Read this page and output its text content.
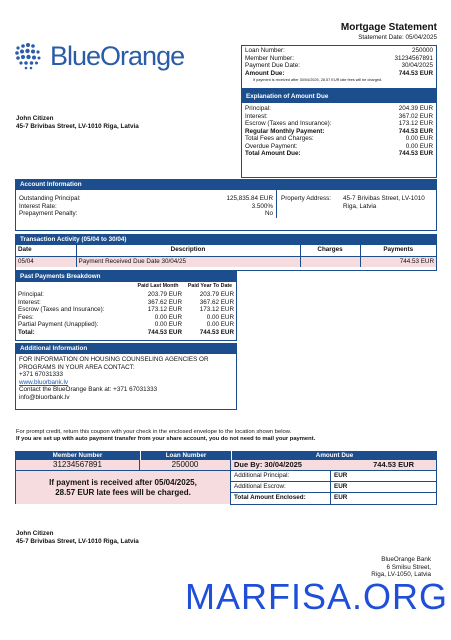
BlueOrange
Mortgage Statement
Statement Date: 05/04/2025
Loan Number:	250000
Member Number:	31234567891
Payment Due Date:	30/04/2025
Amount Due:	744.53 EUR
If payment is received after 30/04/2025, 28.57 EUR late fees will be charged.
Explanation of Amount Due
Principal:	204.39 EUR
Interest:	367.02 EUR
Escrow (Taxes and Insurance):	173.12 EUR
Regular Monthly Payment:	744.53 EUR
Total Fees and Charges:	0.00 EUR
Overdue Payment:	0.00 EUR
Total Amount Due:	744.53 EUR
John Citizen
45-7 Brivibas Street, LV-1010 Riga, Latvia
Account Information
Outstanding Principal:	125,835.84 EUR
Interest Rate:	3.500%
Prepayment Penalty:	No
Property Address:	45-7 Brivibas Street, LV-1010 Riga, Latvia
Transaction Activity (05/04 to 30/04)
Date	Description	Charges	Payments
05/04	Payment Received Due Date 30/04/25		744.53 EUR
Past Payments Breakdown
	Paid Last Month	Paid Year To Date
Principal:	203.79 EUR	203.79 EUR
Interest:	367.62 EUR	367.62 EUR
Escrow (Taxes and Insurance):	173.12 EUR	173.12 EUR
Fees:	0.00 EUR	0.00 EUR
Partial Payment (Unapplied):	0.00 EUR	0.00 EUR
Total:	744.53 EUR	744.53 EUR
Additional Information
FOR INFORMATION ON HOUSING COUNSELING AGENCIES OR PROGRAMS IN YOUR AREA CONTACT:
+371 67031333
www.bluorbank.lv
Contact the BlueOrange Bank at: +371 67031333
info@bluorbank.lv
For prompt credit, return this coupon with your check in the enclosed envelope to the location shown below.
If you are set up with auto payment transfer from your share account, you do not need to mail your payment.
Member Number	Loan Number	Amount Due
31234567891	250000	Due By: 30/04/2025	744.53 EUR
If payment is received after 05/04/2025, 28.57 EUR late fees will be charged.
Additional Principal:	EUR
Additional Escrow:	EUR
Total Amount Enclosed:	EUR
John Citizen
45-7 Brivibas Street, LV-1010 Riga, Latvia
BlueOrange Bank
6 Smilsu Street,
Riga, LV-1050, Latvia
MARFISA.ORG
